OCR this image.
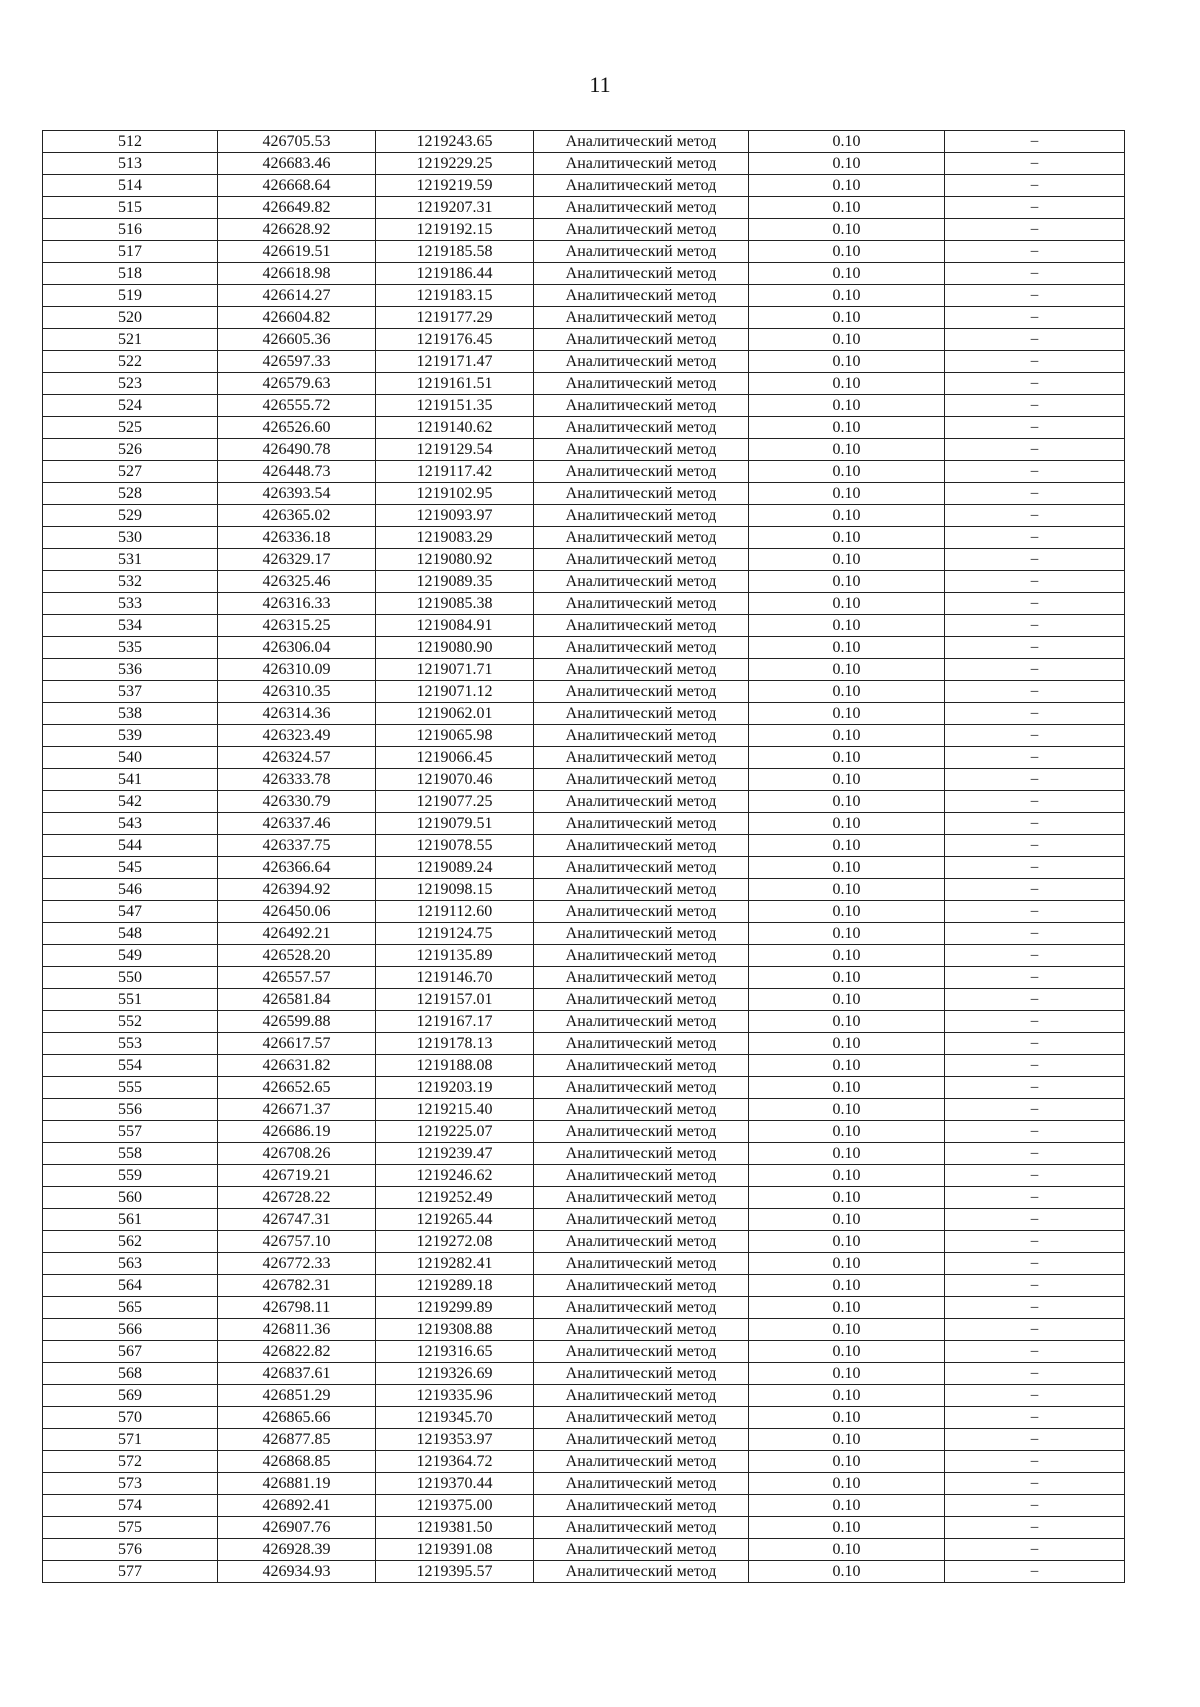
11
512	426705.53	1219243.65	Аналитический метод	0.10	–
513	426683.46	1219229.25	Аналитический метод	0.10	–
514	426668.64	1219219.59	Аналитический метод	0.10	–
515	426649.82	1219207.31	Аналитический метод	0.10	–
516	426628.92	1219192.15	Аналитический метод	0.10	–
517	426619.51	1219185.58	Аналитический метод	0.10	–
518	426618.98	1219186.44	Аналитический метод	0.10	–
519	426614.27	1219183.15	Аналитический метод	0.10	–
520	426604.82	1219177.29	Аналитический метод	0.10	–
521	426605.36	1219176.45	Аналитический метод	0.10	–
522	426597.33	1219171.47	Аналитический метод	0.10	–
523	426579.63	1219161.51	Аналитический метод	0.10	–
524	426555.72	1219151.35	Аналитический метод	0.10	–
525	426526.60	1219140.62	Аналитический метод	0.10	–
526	426490.78	1219129.54	Аналитический метод	0.10	–
527	426448.73	1219117.42	Аналитический метод	0.10	–
528	426393.54	1219102.95	Аналитический метод	0.10	–
529	426365.02	1219093.97	Аналитический метод	0.10	–
530	426336.18	1219083.29	Аналитический метод	0.10	–
531	426329.17	1219080.92	Аналитический метод	0.10	–
532	426325.46	1219089.35	Аналитический метод	0.10	–
533	426316.33	1219085.38	Аналитический метод	0.10	–
534	426315.25	1219084.91	Аналитический метод	0.10	–
535	426306.04	1219080.90	Аналитический метод	0.10	–
536	426310.09	1219071.71	Аналитический метод	0.10	–
537	426310.35	1219071.12	Аналитический метод	0.10	–
538	426314.36	1219062.01	Аналитический метод	0.10	–
539	426323.49	1219065.98	Аналитический метод	0.10	–
540	426324.57	1219066.45	Аналитический метод	0.10	–
541	426333.78	1219070.46	Аналитический метод	0.10	–
542	426330.79	1219077.25	Аналитический метод	0.10	–
543	426337.46	1219079.51	Аналитический метод	0.10	–
544	426337.75	1219078.55	Аналитический метод	0.10	–
545	426366.64	1219089.24	Аналитический метод	0.10	–
546	426394.92	1219098.15	Аналитический метод	0.10	–
547	426450.06	1219112.60	Аналитический метод	0.10	–
548	426492.21	1219124.75	Аналитический метод	0.10	–
549	426528.20	1219135.89	Аналитический метод	0.10	–
550	426557.57	1219146.70	Аналитический метод	0.10	–
551	426581.84	1219157.01	Аналитический метод	0.10	–
552	426599.88	1219167.17	Аналитический метод	0.10	–
553	426617.57	1219178.13	Аналитический метод	0.10	–
554	426631.82	1219188.08	Аналитический метод	0.10	–
555	426652.65	1219203.19	Аналитический метод	0.10	–
556	426671.37	1219215.40	Аналитический метод	0.10	–
557	426686.19	1219225.07	Аналитический метод	0.10	–
558	426708.26	1219239.47	Аналитический метод	0.10	–
559	426719.21	1219246.62	Аналитический метод	0.10	–
560	426728.22	1219252.49	Аналитический метод	0.10	–
561	426747.31	1219265.44	Аналитический метод	0.10	–
562	426757.10	1219272.08	Аналитический метод	0.10	–
563	426772.33	1219282.41	Аналитический метод	0.10	–
564	426782.31	1219289.18	Аналитический метод	0.10	–
565	426798.11	1219299.89	Аналитический метод	0.10	–
566	426811.36	1219308.88	Аналитический метод	0.10	–
567	426822.82	1219316.65	Аналитический метод	0.10	–
568	426837.61	1219326.69	Аналитический метод	0.10	–
569	426851.29	1219335.96	Аналитический метод	0.10	–
570	426865.66	1219345.70	Аналитический метод	0.10	–
571	426877.85	1219353.97	Аналитический метод	0.10	–
572	426868.85	1219364.72	Аналитический метод	0.10	–
573	426881.19	1219370.44	Аналитический метод	0.10	–
574	426892.41	1219375.00	Аналитический метод	0.10	–
575	426907.76	1219381.50	Аналитический метод	0.10	–
576	426928.39	1219391.08	Аналитический метод	0.10	–
577	426934.93	1219395.57	Аналитический метод	0.10	–
